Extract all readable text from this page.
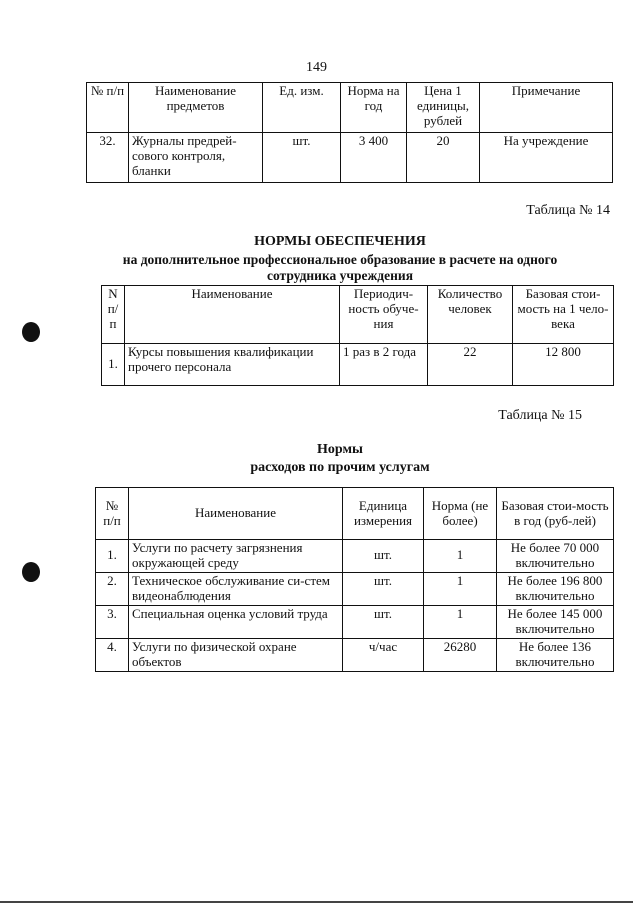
149
№ п/п	Наименование предметов	Ед. изм.	Норма на год	Цена 1 единицы, рублей	Примечание
32.	Журналы предрей-сового контроля, бланки	шт.	3 400	20	На учреждение
Таблица № 14
НОРМЫ ОБЕСПЕЧЕНИЯ
на дополнительное профессиональное образование в расчете на одного сотрудника учреждения
N п/ п	Наименование	Периодич-ность обуче-ния	Количество человек	Базовая стои-мость на 1 чело-века
1.	Курсы повышения квалификации прочего персонала	1 раз в 2 года	22	12 800
Таблица № 15
Нормы
расходов по прочим услугам
№ п/п	Наименование	Единица измерения	Норма (не более)	Базовая стои-мость в год (руб-лей)
1.	Услуги по расчету загрязнения окружающей среду	шт.	1	Не более 70 000 включительно
2.	Техническое обслуживание си-стем видеонаблюдения	шт.	1	Не более 196 800 включительно
3.	Специальная оценка условий труда	шт.	1	Не более 145 000 включительно
4.	Услуги по физической охране объектов	ч/час	26280	Не более 136 включительно
